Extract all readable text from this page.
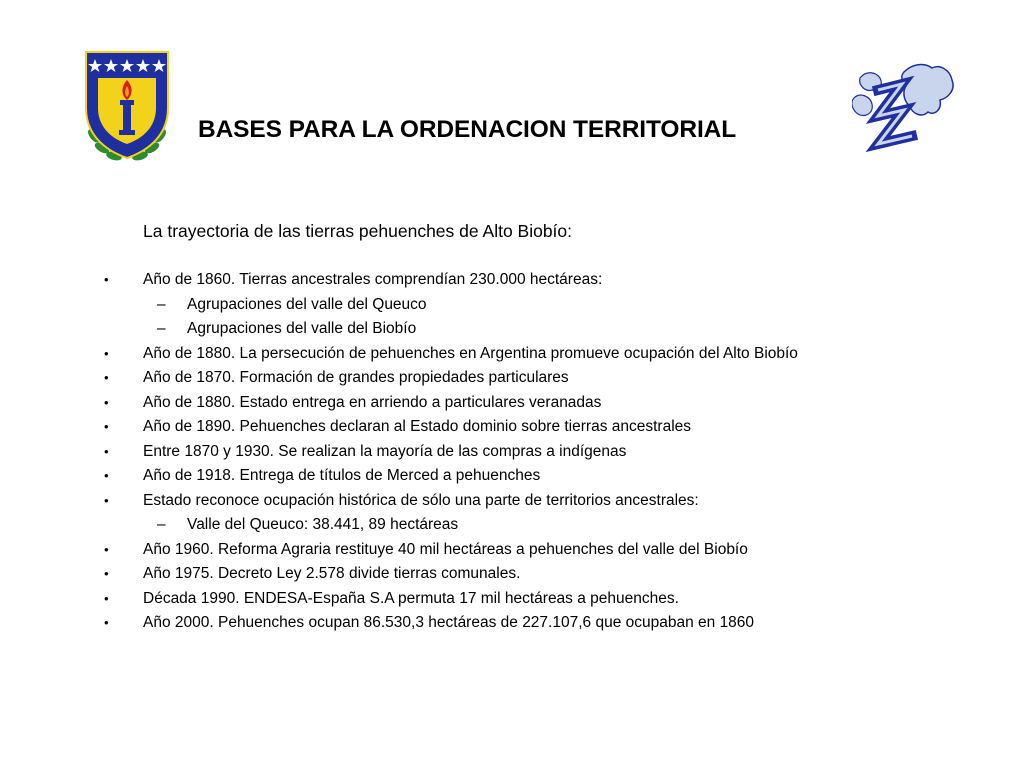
BASES PARA LA ORDENACION TERRITORIAL
La trayectoria de las tierras pehuenches de Alto Biobío:
• Año de 1860. Tierras ancestrales comprendían 230.000 hectáreas:
– Agrupaciones del valle del Queuco
– Agrupaciones del valle del Biobío
• Año de 1880. La persecución de pehuenches en Argentina promueve ocupación del Alto Biobío
• Año de 1870. Formación de grandes propiedades particulares
• Año de 1880. Estado entrega en arriendo a particulares veranadas
• Año de 1890. Pehuenches declaran al Estado dominio sobre tierras ancestrales
• Entre 1870 y 1930. Se realizan la mayoría de las compras a indígenas
• Año de 1918. Entrega de títulos de Merced a pehuenches
• Estado reconoce ocupación histórica de sólo una parte de territorios ancestrales:
– Valle del Queuco: 38.441, 89 hectáreas
• Año 1960. Reforma Agraria restituye 40 mil hectáreas a pehuenches del valle del Biobío
• Año 1975. Decreto Ley 2.578 divide tierras comunales.
• Década 1990. ENDESA-España S.A permuta 17 mil hectáreas a pehuenches.
• Año 2000. Pehuenches ocupan 86.530,3 hectáreas de 227.107,6 que ocupaban en 1860
